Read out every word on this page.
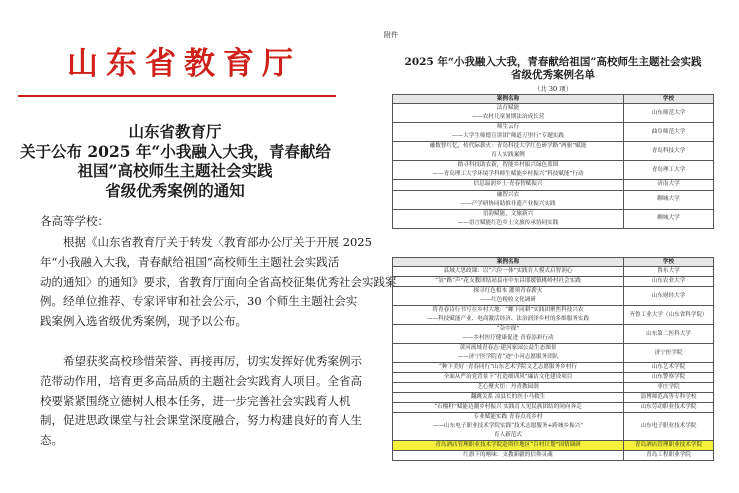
山东省教育厅
山东省教育厅
关于公布 2025 年“小我融入大我，青春献给
祖国”高校师生主题社会实践
省级优秀案例的通知
各高等学校：
根据《山东省教育厅关于转发〈教育部办公厅关于开展 2025
年“小我融入大我，青春献给祖国”高校师生主题社会实践活
动的通知〉的通知》要求，省教育厅面向全省高校征集优秀社会实践案
例。经单位推荐、专家评审和社会公示，30 个师生主题社会实
践案例入选省级优秀案例，现予以公布。
希望获奖高校珍惜荣誉、再接再厉，切实发挥好优秀案例示
范带动作用，培育更多高品质的主题社会实践育人项目。全省高
校要紧紧围绕立德树人根本任务，进一步完善社会实践育人机
制，促进思政课堂与社会课堂深度融合，努力构建良好的育人生
态。
附件
2025 年“小我融入大我，青春献给祖国”高校师生主题社会实践
省级优秀案例名单
（共 30 项）
案例名称	学校

法育赋能
——农村儿童暑期法治成长营	山东师范大学

师生云行
——大学生师德宣讲团“师道万里行”专题实践	曲阜师范大学

融数智红忆，传代际薪火：青岛科技大学红色研学路“两驱”赋能
育人实践案例	青岛科技大学

踏寻科技助农新，智能乡村振兴绿色蓝图
——青岛理工大学环境学科师生赋能乡村振兴“科技赋能”行动	青岛理工大学

信息温润乡土·青春智赋振兴	济南大学

融智兴农
——产学研协同助推非遗产业振兴实践	聊城大学

语韵赋能，文旅新兴
——语言赋能红色乡土文旅传承协同实践	聊城大学
案例名称	学校

县域大思政课：以“六位一体”实践育人模式启智润心	鲁东大学

“氢”路“声”花支教团结站县市中东昌耶媛镇桃岭村社会实践	山东农业大学

探寻红色根本 濯须青春薪火
——红色税收文化调研	山东财经大学

将青春诗行书写在乡村大地：“螺下同耕”实践团聚焦科技兴农
——科技赋能产业、电商激活经济、法治润泽乡村的多维服务实践	齐鲁工业大学（山东省科学院）

“杂中探”
——乡村医疗健康促进 青春添彩行动	山东第二医科大学

黄河流域青春志·建河家园公益生态图景
——济宁医学院青“迹”小河志愿服务团队	济宁医学院

“种下美好 ·青春同行”山东艺术学院文艺志愿服务乡村行	山东艺术学院

全面从严治党背景下“打造细训风”廉洁文化建设项目	山东警察学院

艺心聚火炬：丹青教园润	枣庄学院

翻跳关系 凉县长的医小马救生	淄博师范高等专科学校

“石榴籽”赋能边疆乡村振兴 实践育人见民族团结的同向奔走	山东劳动职业技术学院

专业赋能实践 青春点亮乡村
——山东电子职业技术学院实践“技术志愿服务+跨城乡振兴”
育人新范式	山东电子职业技术学院

青岛酒店管理职业技术学院赴塔什地区“百村计划”国情调研	青岛酒店管理职业技术学院

红旗下的喀味：支教新疆的信仰灵魂	青岛工程职业学院
